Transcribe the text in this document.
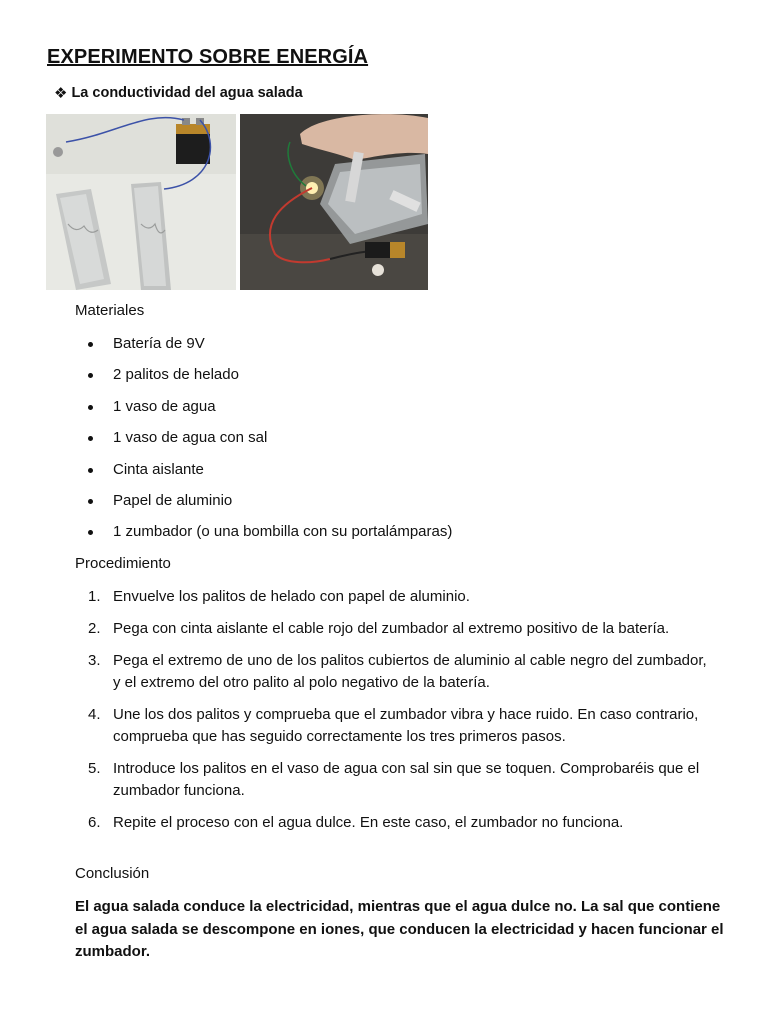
EXPERIMENTO SOBRE ENERGÍA
❖ La conductividad del agua salada
Materiales
Batería de 9V
2 palitos de helado
1 vaso de agua
1 vaso de agua con sal
Cinta aislante
Papel de aluminio
1 zumbador (o una bombilla con su portalámparas)
Procedimiento
1. Envuelve los palitos de helado con papel de aluminio.
2. Pega con cinta aislante el cable rojo del zumbador al extremo positivo de la batería.
3. Pega el extremo de uno de los palitos cubiertos de aluminio al cable negro del zumbador, y el extremo del otro palito al polo negativo de la batería.
4. Une los dos palitos y comprueba que el zumbador vibra y hace ruido. En caso contrario, comprueba que has seguido correctamente los tres primeros pasos.
5. Introduce los palitos en el vaso de agua con sal sin que se toquen. Comprobaréis que el zumbador funciona.
6. Repite el proceso con el agua dulce. En este caso, el zumbador no funciona.
Conclusión
El agua salada conduce la electricidad, mientras que el agua dulce no. La sal que contiene el agua salada se descompone en iones, que conducen la electricidad y hacen funcionar el zumbador.
